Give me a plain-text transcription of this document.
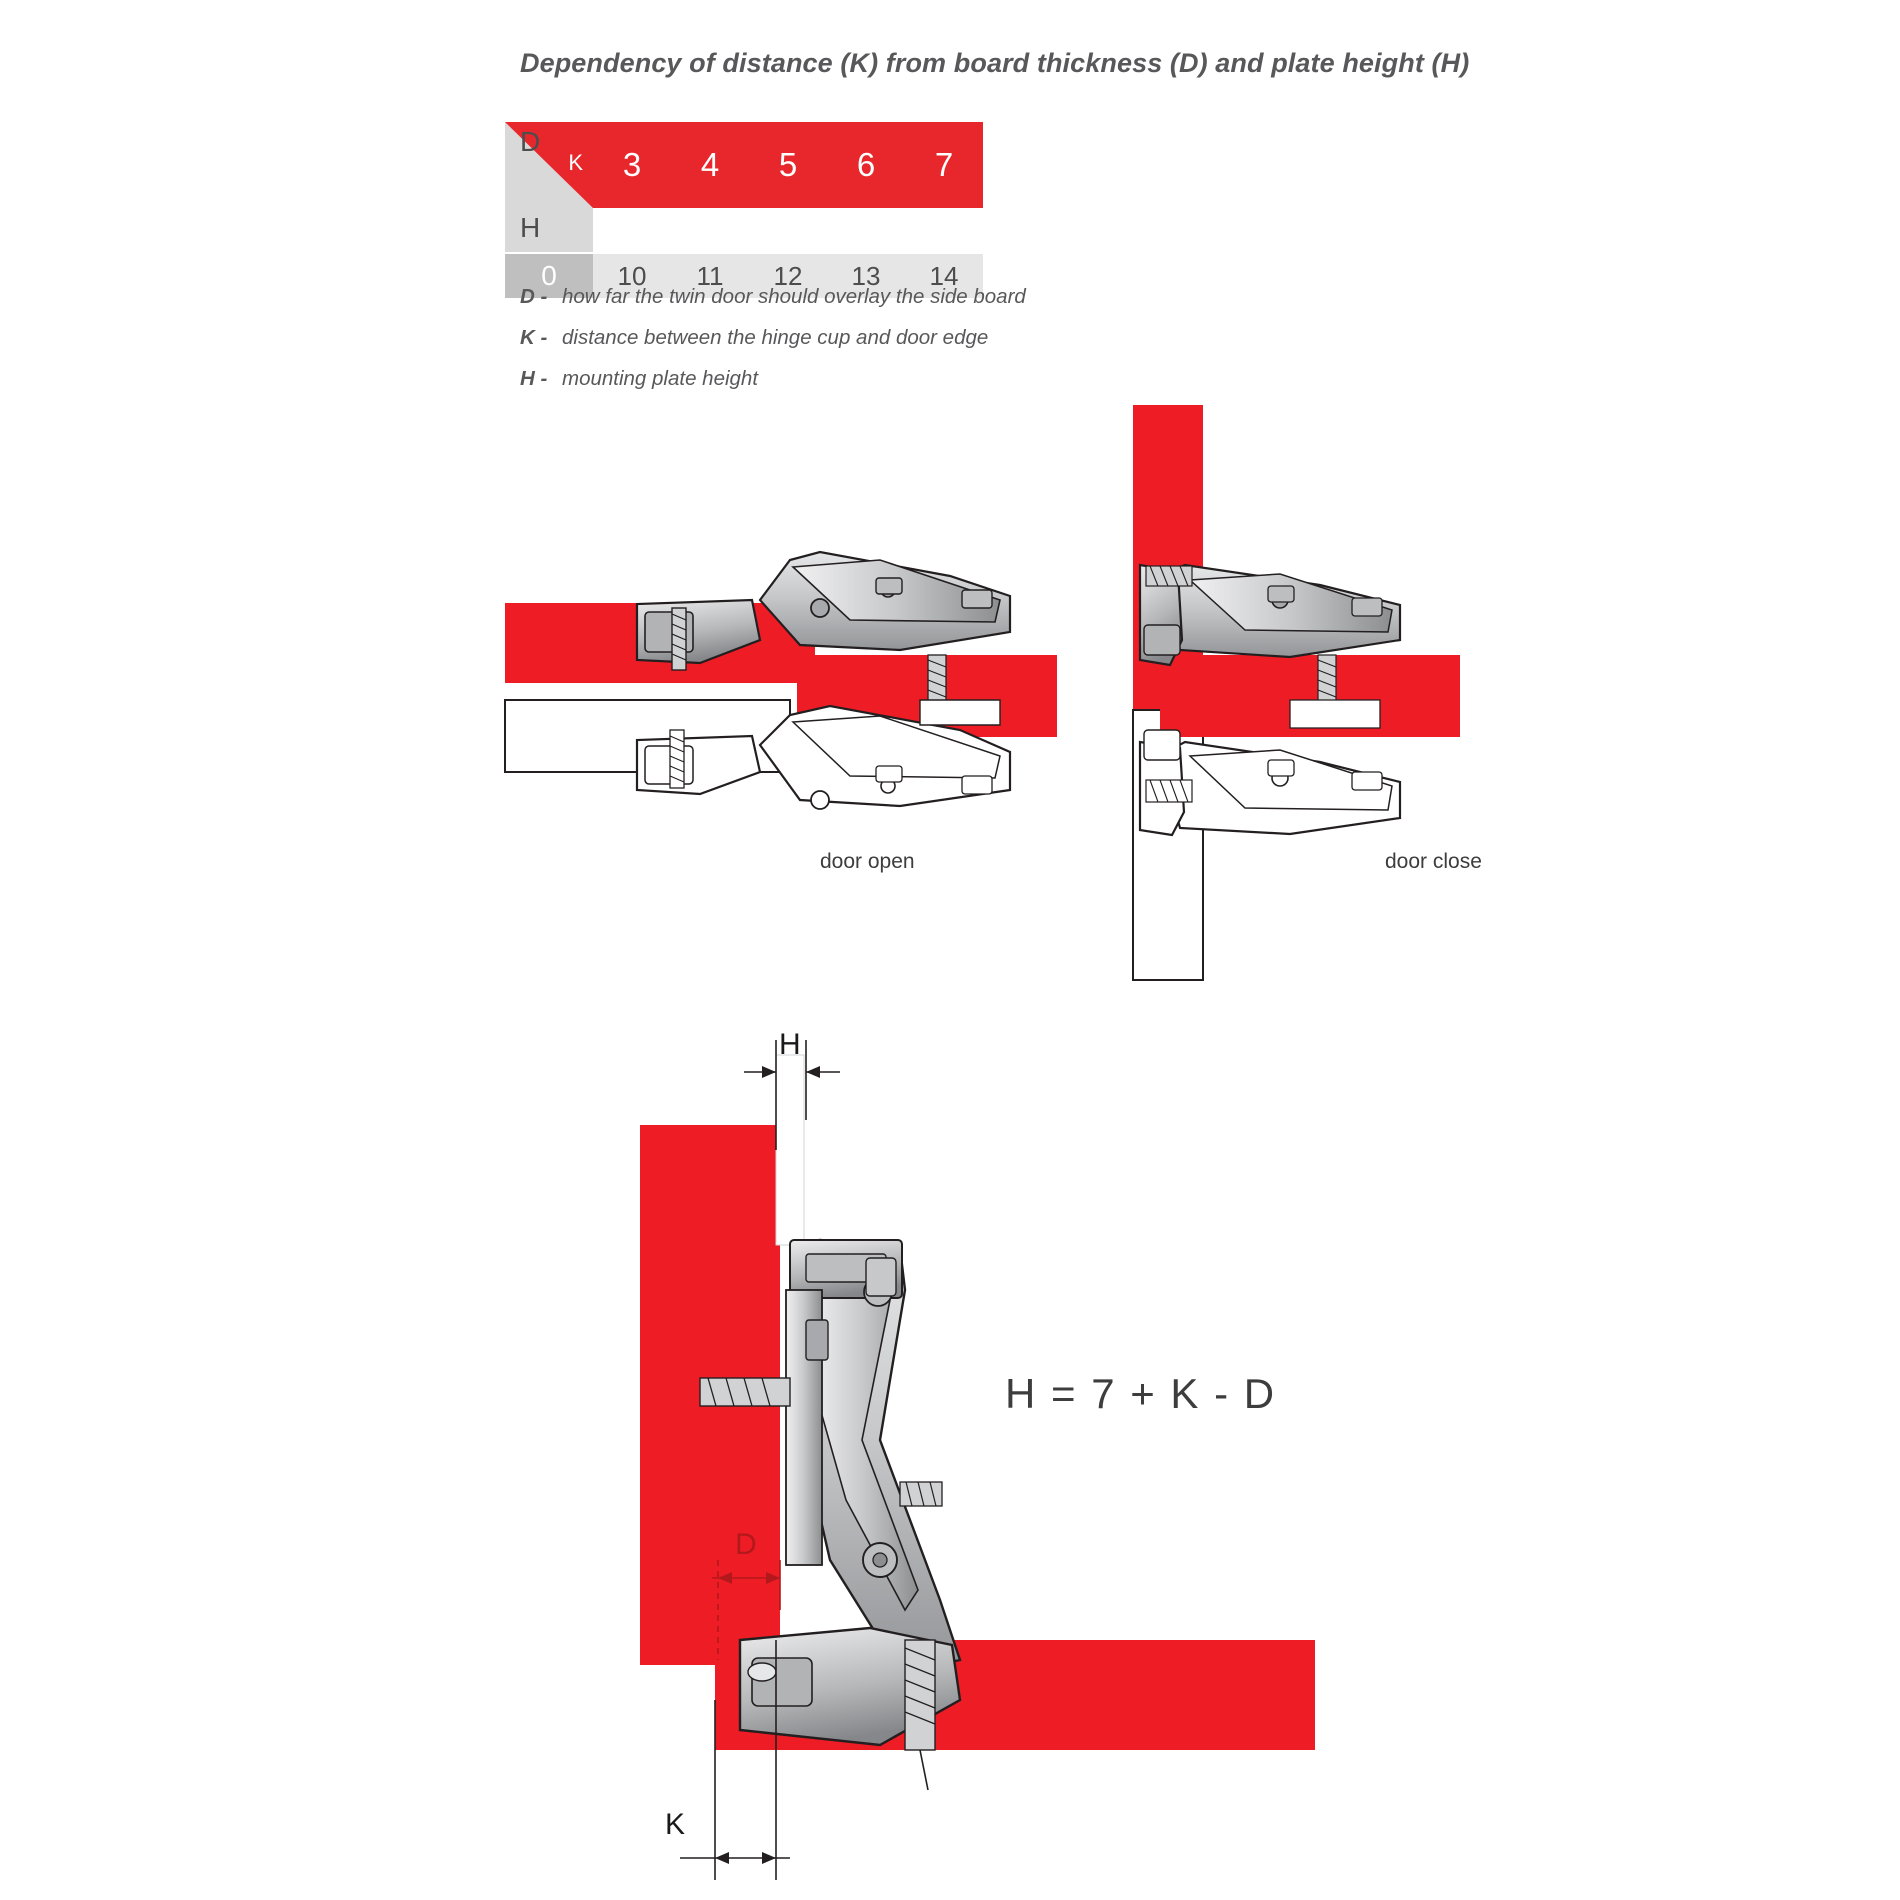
Dependency of distance (K) from board thickness (D) and plate height (H)
D
K	3	4	5	6	7
H
0	10	11	12	13	14
D - how far the twin door should overlay the side board
K - distance between the hinge cup and door edge
H - mounting plate height
door open	door close
H = 7 + K - D
H
D
K
